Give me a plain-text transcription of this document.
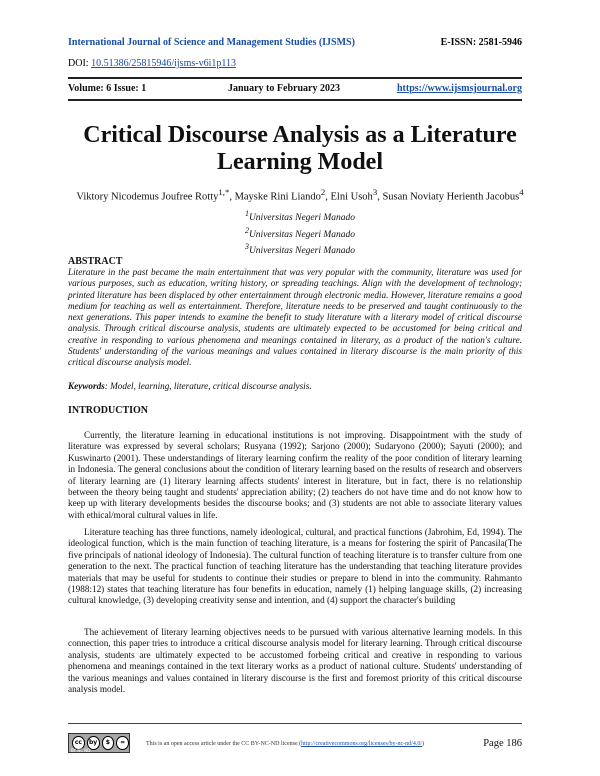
International Journal of Science and Management Studies (IJSMS)	E-ISSN: 2581-5946
DOI: 10.51386/25815946/ijsms-v6i1p113
Volume: 6 Issue: 1	January to February 2023	https://www.ijsmsjournal.org
Critical Discourse Analysis as a Literature
Learning Model
Viktory Nicodemus Joufree Rotty$^{1,*}$, Mayske Rini Liando$^2$, Elni Usoh$^3$, Susan Noviaty Herienth Jacobus$^4$
$^1$Universitas Negeri Manado
$^2$Universitas Negeri Manado
$^3$Universitas Negeri Manado
ABSTRACT
Literature in the past became the main entertainment that was very popular with the community, literature was used for various purposes, such as education, writing history, or spreading teachings. Align with the development of technology; printed literature has been displaced by other entertainment through electronic media. However, literature remains a good medium for teaching as well as entertainment. Therefore, literature needs to be preserved and taught continuously to the next generations. This paper intends to examine the benefit to study literature with a literary model of critical discourse analysis. Through critical discourse analysis, students are ultimately expected to be accustomed for being critical and creative in responding to various phenomena and meanings contained in literary, as a product of the nation's culture. Students' understanding of the various meanings and values contained in literary discourse is the main priority of this critical discourse analysis model.
Keywords: Model, learning, literature, critical discourse analysis.
INTRODUCTION
Currently, the literature learning in educational institutions is not improving. Disappointment with the study of literature was expressed by several scholars; Rusyana (1992); Sarjono (2000); Sudaryono (2000); Sayuti (2000); and Kuswinarto (2001). These understandings of literary learning confirm the reality of the poor condition of literary learning in Indonesia. The general conclusions about the condition of literary learning based on the results of research and observers of literary learning are (1) literary learning affects students' interest in literature, but in fact, there is no relationship between the theory being taught and students' appreciation ability; (2) teachers do not have time and do not know how to keep up with literary developments besides the discourse books; and (3) students are not able to associate literary values with ethical/moral cultural values in life.
Literature teaching has three functions, namely ideological, cultural, and practical functions (Jabrohim, Ed, 1994). The ideological function, which is the main function of teaching literature, is a means for fostering the spirit of Pancasila(The five principals of national ideology of Indonesia). The cultural function of teaching literature is to transfer culture from one generation to the next. The practical function of teaching literature has the understanding that teaching literature provides materials that may be useful for students to continue their studies or prepare to blend in into the community. Rahmanto (1988:12) states that teaching literature has four benefits in education, namely (1) helping language skills, (2) increasing cultural knowledge, (3) developing creativity sense and intention, and (4) support the character's building
The achievement of literary learning objectives needs to be pursued with various alternative learning models. In this connection, this paper tries to introduce a critical discourse analysis model for literary learning. Through critical discourse analysis, students are ultimately expected to be accustomed forbeing critical and creative in responding to various phenomena and meanings contained in the text literary works as a product of national culture. Students' understanding of the various meanings and values contained in literary discourse is the first and foremost priority of this critical discourse analysis model.
cc	by	$	=
BY NC ND
This is an open access article under the CC BY-NC-ND license (http://creativecommons.org/licenses/by-nc-nd/4.0/)	Page 186
